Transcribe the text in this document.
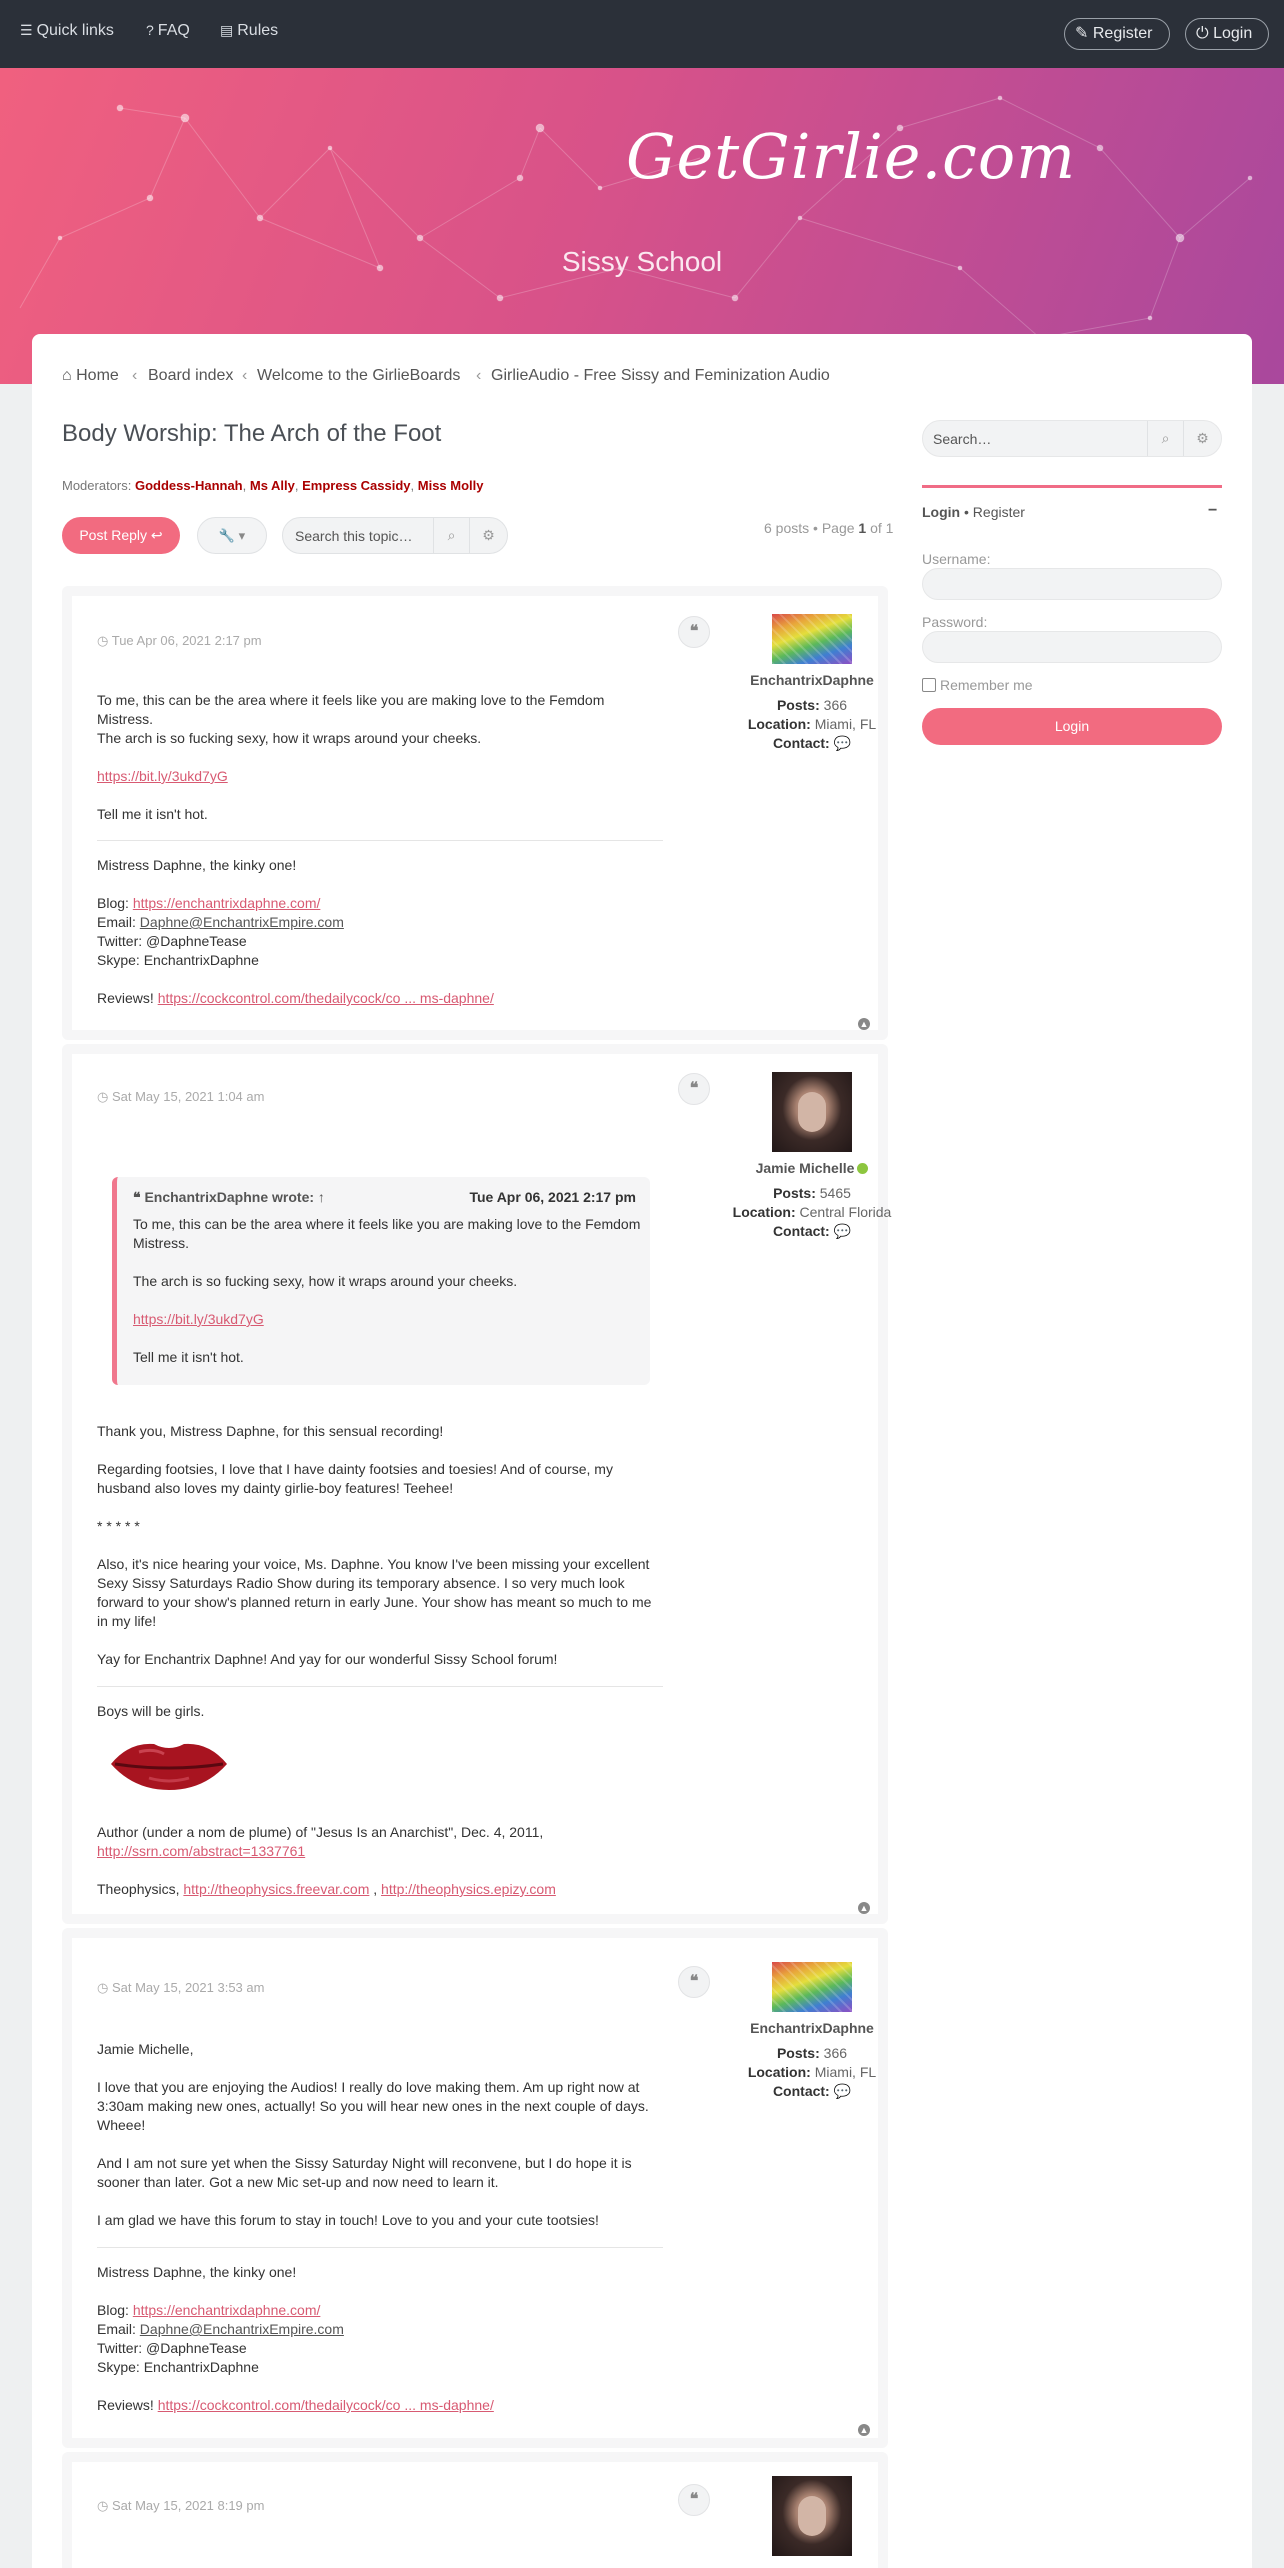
☰ Quick links ? FAQ ▤ Rules	✎ Register	⏻ Login
GetGirlie.com
Sissy School
⌂ Home ‹ Board index ‹ Welcome to the GirlieBoards ‹ GirlieAudio - Free Sissy and Feminization Audio
Body Worship: The Arch of the Foot
Moderators: Goddess-Hannah, Ms Ally, Empress Cassidy, Miss Molly
Post Reply ↩	🔧 ▾	Search this topic…	⌕	⚙	6 posts • Page 1 of 1
◷ Tue Apr 06, 2021 2:17 pm
❝
To me, this can be the area where it feels like you are making love to the Femdom Mistress.
The arch is so fucking sexy, how it wraps around your cheeks.
https://bit.ly/3ukd7yG
Tell me it isn't hot.
Mistress Daphne, the kinky one!
Blog: https://enchantrixdaphne.com/
Email: Daphne@EnchantrixEmpire.com
Twitter: @DaphneTease
Skype: EnchantrixDaphne
Reviews! https://cockcontrol.com/thedailycock/co ... ms-daphne/
▲
EnchantrixDaphne
Posts: 366
Location: Miami, FL
Contact: 💬
◷ Sat May 15, 2021 1:04 am	❝
❝ EnchantrixDaphne wrote: ↑	Tue Apr 06, 2021 2:17 pm
To me, this can be the area where it feels like you are making love to the Femdom Mistress.
The arch is so fucking sexy, how it wraps around your cheeks.
https://bit.ly/3ukd7yG
Tell me it isn't hot.
Thank you, Mistress Daphne, for this sensual recording!
Regarding footsies, I love that I have dainty footsies and toesies! And of course, my husband also loves my dainty girlie-boy features! Teehee!
* * * * *
Also, it's nice hearing your voice, Ms. Daphne. You know I've been missing your excellent Sexy Sissy Saturdays Radio Show during its temporary absence. I so very much look forward to your show's planned return in early June. Your show has meant so much to me in my life!
Yay for Enchantrix Daphne! And yay for our wonderful Sissy School forum!
Boys will be girls.
Author (under a nom de plume) of "Jesus Is an Anarchist", Dec. 4, 2011,
http://ssrn.com/abstract=1337761
Theophysics, http://theophysics.freevar.com , http://theophysics.epizy.com
▲
Jamie Michelle
Posts: 5465
Location: Central Florida
Contact: 💬
◷ Sat May 15, 2021 3:53 am	❝
Jamie Michelle,
I love that you are enjoying the Audios! I really do love making them. Am up right now at 3:30am making new ones, actually! So you will hear new ones in the next couple of days. Wheee!
And I am not sure yet when the Sissy Saturday Night will reconvene, but I do hope it is sooner than later. Got a new Mic set-up and now need to learn it.
I am glad we have this forum to stay in touch! Love to you and your cute tootsies!
Mistress Daphne, the kinky one!
Blog: https://enchantrixdaphne.com/
Email: Daphne@EnchantrixEmpire.com
Twitter: @DaphneTease
Skype: EnchantrixDaphne
Reviews! https://cockcontrol.com/thedailycock/co ... ms-daphne/
▲
EnchantrixDaphne
Posts: 366
Location: Miami, FL
Contact: 💬
◷ Sat May 15, 2021 8:19 pm	❝
Search…	⌕	⚙
Login • Register	−
Username:
Password:
Remember me
Login
